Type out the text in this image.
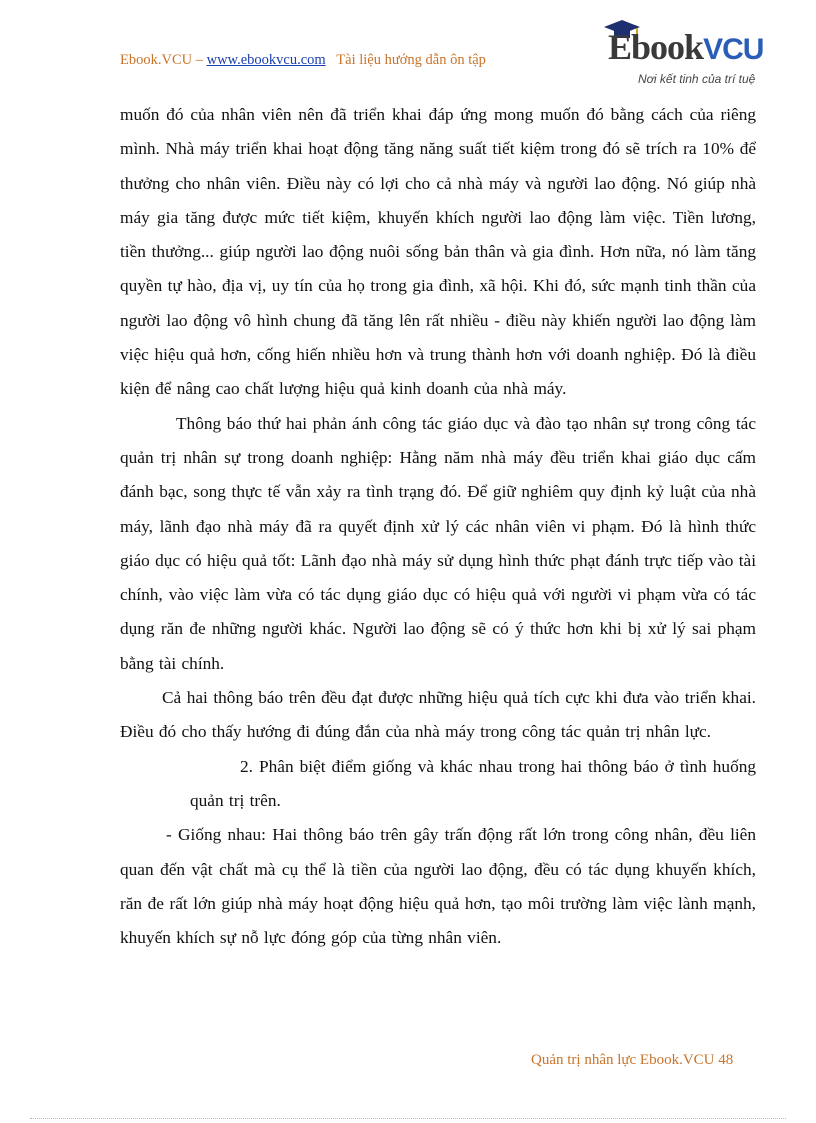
Ebook.VCU – www.ebookvcu.com Tài liệu hướng dẫn ôn tập	EbookVCU
Nơi kết tinh của trí tuệ

muốn đó của nhân viên nên đã triển khai đáp ứng mong muốn đó bằng cách của riêng mình. Nhà máy triển khai hoạt động tăng năng suất tiết kiệm trong đó sẽ trích ra 10% để thưởng cho nhân viên. Điều này có lợi cho cả nhà máy và người lao động. Nó giúp nhà máy gia tăng được mức tiết kiệm, khuyến khích người lao động làm việc. Tiền lương, tiền thưởng... giúp người lao động nuôi sống bản thân và gia đình. Hơn nữa, nó làm tăng quyền tự hào, địa vị, uy tín của họ trong gia đình, xã hội. Khi đó, sức mạnh tinh thần của người lao động vô hình chung đã tăng lên rất nhiều - điều này khiến người lao động làm việc hiệu quả hơn, cống hiến nhiều hơn và trung thành hơn với doanh nghiệp. Đó là điều kiện để nâng cao chất lượng hiệu quả kinh doanh của nhà máy.

Thông báo thứ hai phản ánh công tác giáo dục và đào tạo nhân sự trong công tác quản trị nhân sự trong doanh nghiệp: Hằng năm nhà máy đều triển khai giáo dục cấm đánh bạc, song thực tế vẫn xảy ra tình trạng đó. Để giữ nghiêm quy định kỷ luật của nhà máy, lãnh đạo nhà máy đã ra quyết định xử lý các nhân viên vi phạm. Đó là hình thức giáo dục có hiệu quả tốt: Lãnh đạo nhà máy sử dụng hình thức phạt đánh trực tiếp vào tài chính, vào việc làm vừa có tác dụng giáo dục có hiệu quả với người vi phạm vừa có tác dụng răn đe những người khác. Người lao động sẽ có ý thức hơn khi bị xử lý sai phạm bằng tài chính.

Cả hai thông báo trên đều đạt được những hiệu quả tích cực khi đưa vào triển khai. Điều đó cho thấy hướng đi đúng đắn của nhà máy trong công tác quản trị nhân lực.

2. Phân biệt điểm giống và khác nhau trong hai thông báo ở tình huống quản trị trên.

- Giống nhau: Hai thông báo trên gây trấn động rất lớn trong công nhân, đều liên quan đến vật chất mà cụ thể là tiền của người lao động, đều có tác dụng khuyến khích, răn đe rất lớn giúp nhà máy hoạt động hiệu quả hơn, tạo môi trường làm việc lành mạnh, khuyến khích sự nỗ lực đóng góp của từng nhân viên.

Quản trị nhân lực Ebook.VCU 48
